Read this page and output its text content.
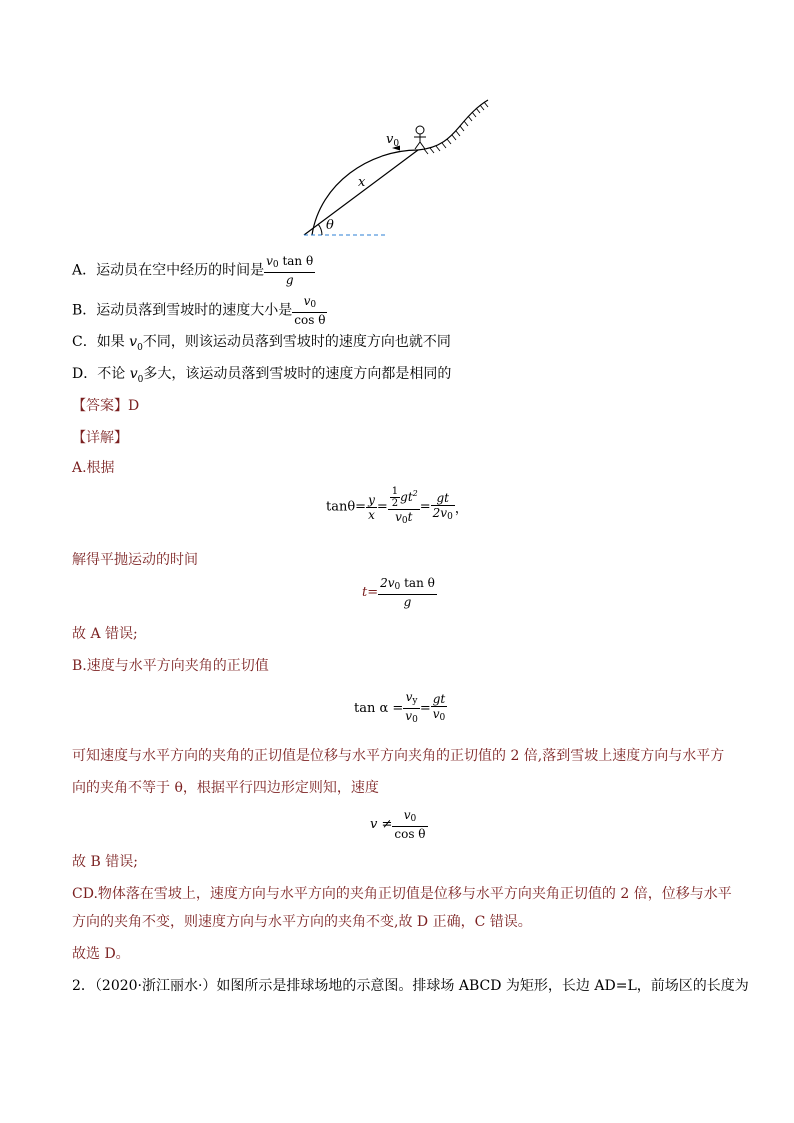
$v_0$
x
θ
A．运动员在空中经历的时间是 $\frac{\text{v0 tan θ}}{g}$
B．运动员落到雪坡时的速度大小是 $\frac{v0}{\text{cos θ}}$
C．如果 $v_0$不同，则该运动员落到雪坡时的速度方向也就不同
D．不论 $v_0$多大，该运动员落到雪坡时的速度方向都是相同的
【答案】D
【详解】
A.根据
$\tan\theta= \frac{y}{x} = \frac{\frac{1}{2} gt^2}{v0t} = \frac{gt}{2v0}$ ，
解得平抛运动的时间
$t= \frac{\text{2v0 tan θ}}{g}$
故 A 错误;
B.速度与水平方向夹角的正切值
$\tan \alpha = \frac{vy}{v0} = \frac{gt}{v0}$
可知速度与水平方向的夹角的正切值是位移与水平方向夹角的正切值的 2 倍,落到雪坡上速度方向与水平方
向的夹角不等于 θ，根据平行四边形定则知，速度
$v \ne \frac{v0}{\text{cos θ}}$
故 B 错误;
CD.物体落在雪坡上，速度方向与水平方向的夹角正切值是位移与水平方向夹角正切值的 2 倍，位移与水平
方向的夹角不变，则速度方向与水平方向的夹角不变,故 D 正确，C 错误。
故选 D。
2．（2020·浙江丽水·）如图所示是排球场地的示意图。排球场 ABCD 为矩形，长边 AD=L，前场区的长度为
